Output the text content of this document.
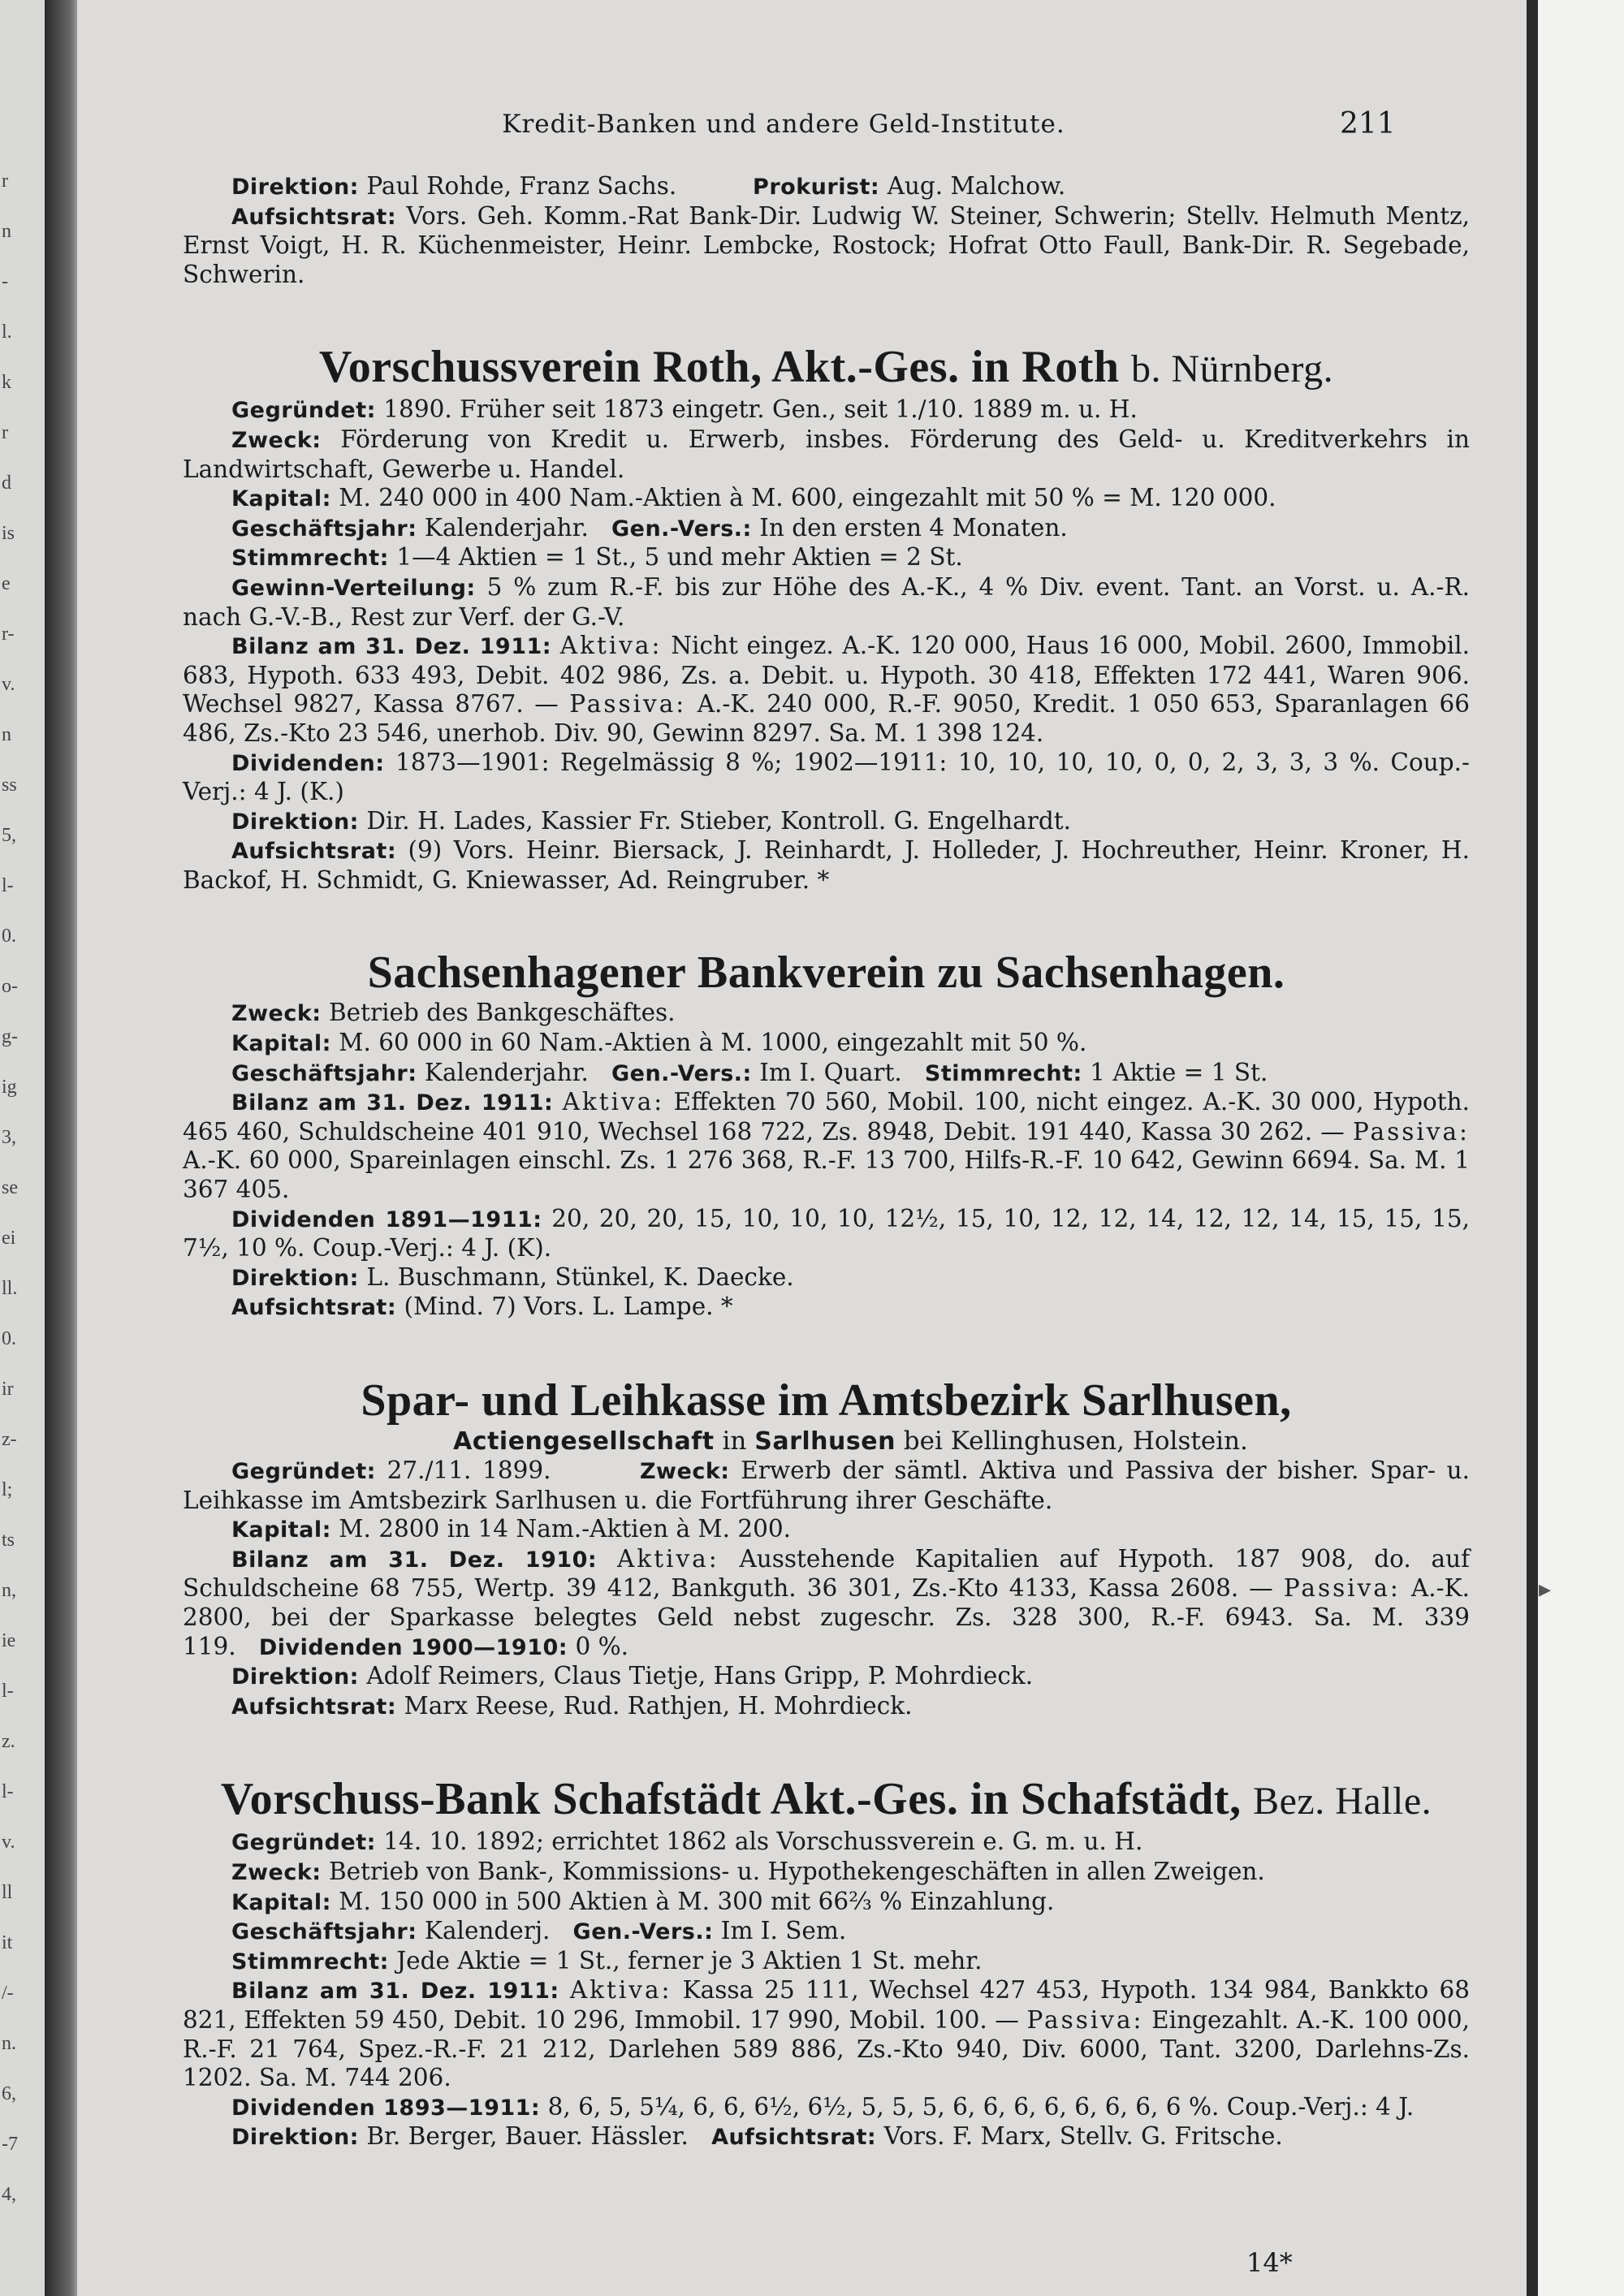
r
n
-
l.
k
r
d
is
e
r-
v.
n
ss
5,
l-
0.
o-
g-
ig
3,
se
ei
ll.
0.
ir
z-
l;
ts
n,
ie
l-
z.
l-
v.
ll
it
/-
n.
6,
-7
4,
▸
Kredit-Banken und andere Geld-Institute.	211

Direktion: Paul Rohde, Franz Sachs.	Prokurist: Aug. Malchow.

Aufsichtsrat: Vors. Geh. Komm.-Rat Bank-Dir. Ludwig W. Steiner, Schwerin; Stellv. Helmuth Mentz, Ernst Voigt, H. R. Küchenmeister, Heinr. Lembcke, Rostock; Hofrat Otto Faull, Bank-Dir. R. Segebade, Schwerin.

Vorschussverein Roth, Akt.-Ges. in Roth b. Nürnberg.

Gegründet: 1890. Früher seit 1873 eingetr. Gen., seit 1./10. 1889 m. u. H.

Zweck: Förderung von Kredit u. Erwerb, insbes. Förderung des Geld- u. Kreditverkehrs in Landwirtschaft, Gewerbe u. Handel.

Kapital: M. 240 000 in 400 Nam.-Aktien à M. 600, eingezahlt mit 50 % = M. 120 000.

Geschäftsjahr: Kalenderjahr. Gen.-Vers.: In den ersten 4 Monaten.

Stimmrecht: 1—4 Aktien = 1 St., 5 und mehr Aktien = 2 St.

Gewinn-Verteilung: 5 % zum R.-F. bis zur Höhe des A.-K., 4 % Div. event. Tant. an Vorst. u. A.-R. nach G.-V.-B., Rest zur Verf. der G.-V.

Bilanz am 31. Dez. 1911: Aktiva: Nicht eingez. A.-K. 120 000, Haus 16 000, Mobil. 2600, Immobil. 683, Hypoth. 633 493, Debit. 402 986, Zs. a. Debit. u. Hypoth. 30 418, Effekten 172 441, Waren 906. Wechsel 9827, Kassa 8767. — Passiva: A.-K. 240 000, R.-F. 9050, Kredit. 1 050 653, Sparanlagen 66 486, Zs.-Kto 23 546, unerhob. Div. 90, Gewinn 8297. Sa. M. 1 398 124.

Dividenden: 1873—1901: Regelmässig 8 %; 1902—1911: 10, 10, 10, 10, 0, 0, 2, 3, 3, 3 %. Coup.-Verj.: 4 J. (K.)

Direktion: Dir. H. Lades, Kassier Fr. Stieber, Kontroll. G. Engelhardt.

Aufsichtsrat: (9) Vors. Heinr. Biersack, J. Reinhardt, J. Holleder, J. Hochreuther, Heinr. Kroner, H. Backof, H. Schmidt, G. Kniewasser, Ad. Reingruber. *

Sachsenhagener Bankverein zu Sachsenhagen.

Zweck: Betrieb des Bankgeschäftes.

Kapital: M. 60 000 in 60 Nam.-Aktien à M. 1000, eingezahlt mit 50 %.

Geschäftsjahr: Kalenderjahr. Gen.-Vers.: Im I. Quart. Stimmrecht: 1 Aktie = 1 St.

Bilanz am 31. Dez. 1911: Aktiva: Effekten 70 560, Mobil. 100, nicht eingez. A.-K. 30 000, Hypoth. 465 460, Schuldscheine 401 910, Wechsel 168 722, Zs. 8948, Debit. 191 440, Kassa 30 262. — Passiva: A.-K. 60 000, Spareinlagen einschl. Zs. 1 276 368, R.-F. 13 700, Hilfs-R.-F. 10 642, Gewinn 6694. Sa. M. 1 367 405.

Dividenden 1891—1911: 20, 20, 20, 15, 10, 10, 10, 12½, 15, 10, 12, 12, 14, 12, 12, 14, 15, 15, 15, 7½, 10 %. Coup.-Verj.: 4 J. (K).

Direktion: L. Buschmann, Stünkel, K. Daecke.

Aufsichtsrat: (Mind. 7) Vors. L. Lampe. *

Spar- und Leihkasse im Amtsbezirk Sarlhusen,

Actiengesellschaft in Sarlhusen bei Kellinghusen, Holstein.

Gegründet: 27./11. 1899.	Zweck: Erwerb der sämtl. Aktiva und Passiva der bisher. Spar- u. Leihkasse im Amtsbezirk Sarlhusen u. die Fortführung ihrer Geschäfte.

Kapital: M. 2800 in 14 Nam.-Aktien à M. 200.

Bilanz am 31. Dez. 1910: Aktiva: Ausstehende Kapitalien auf Hypoth. 187 908, do. auf Schuldscheine 68 755, Wertp. 39 412, Bankguth. 36 301, Zs.-Kto 4133, Kassa 2608. — Passiva: A.-K. 2800, bei der Sparkasse belegtes Geld nebst zugeschr. Zs. 328 300, R.-F. 6943. Sa. M. 339 119. Dividenden 1900—1910: 0 %.

Direktion: Adolf Reimers, Claus Tietje, Hans Gripp, P. Mohrdieck.

Aufsichtsrat: Marx Reese, Rud. Rathjen, H. Mohrdieck.

Vorschuss-Bank Schafstädt Akt.-Ges. in Schafstädt, Bez. Halle.

Gegründet: 14. 10. 1892; errichtet 1862 als Vorschussverein e. G. m. u. H.

Zweck: Betrieb von Bank-, Kommissions- u. Hypothekengeschäften in allen Zweigen.

Kapital: M. 150 000 in 500 Aktien à M. 300 mit 66⅔ % Einzahlung.

Geschäftsjahr: Kalenderj. Gen.-Vers.: Im I. Sem.

Stimmrecht: Jede Aktie = 1 St., ferner je 3 Aktien 1 St. mehr.

Bilanz am 31. Dez. 1911: Aktiva: Kassa 25 111, Wechsel 427 453, Hypoth. 134 984, Bankkto 68 821, Effekten 59 450, Debit. 10 296, Immobil. 17 990, Mobil. 100. — Passiva: Eingezahlt. A.-K. 100 000, R.-F. 21 764, Spez.-R.-F. 21 212, Darlehen 589 886, Zs.-Kto 940, Div. 6000, Tant. 3200, Darlehns-Zs. 1202. Sa. M. 744 206.

Dividenden 1893—1911: 8, 6, 5, 5¼, 6, 6, 6½, 6½, 5, 5, 5, 6, 6, 6, 6, 6, 6, 6, 6 %. Coup.-Verj.: 4 J.

Direktion: Br. Berger, Bauer. Hässler. Aufsichtsrat: Vors. F. Marx, Stellv. G. Fritsche.

14*
